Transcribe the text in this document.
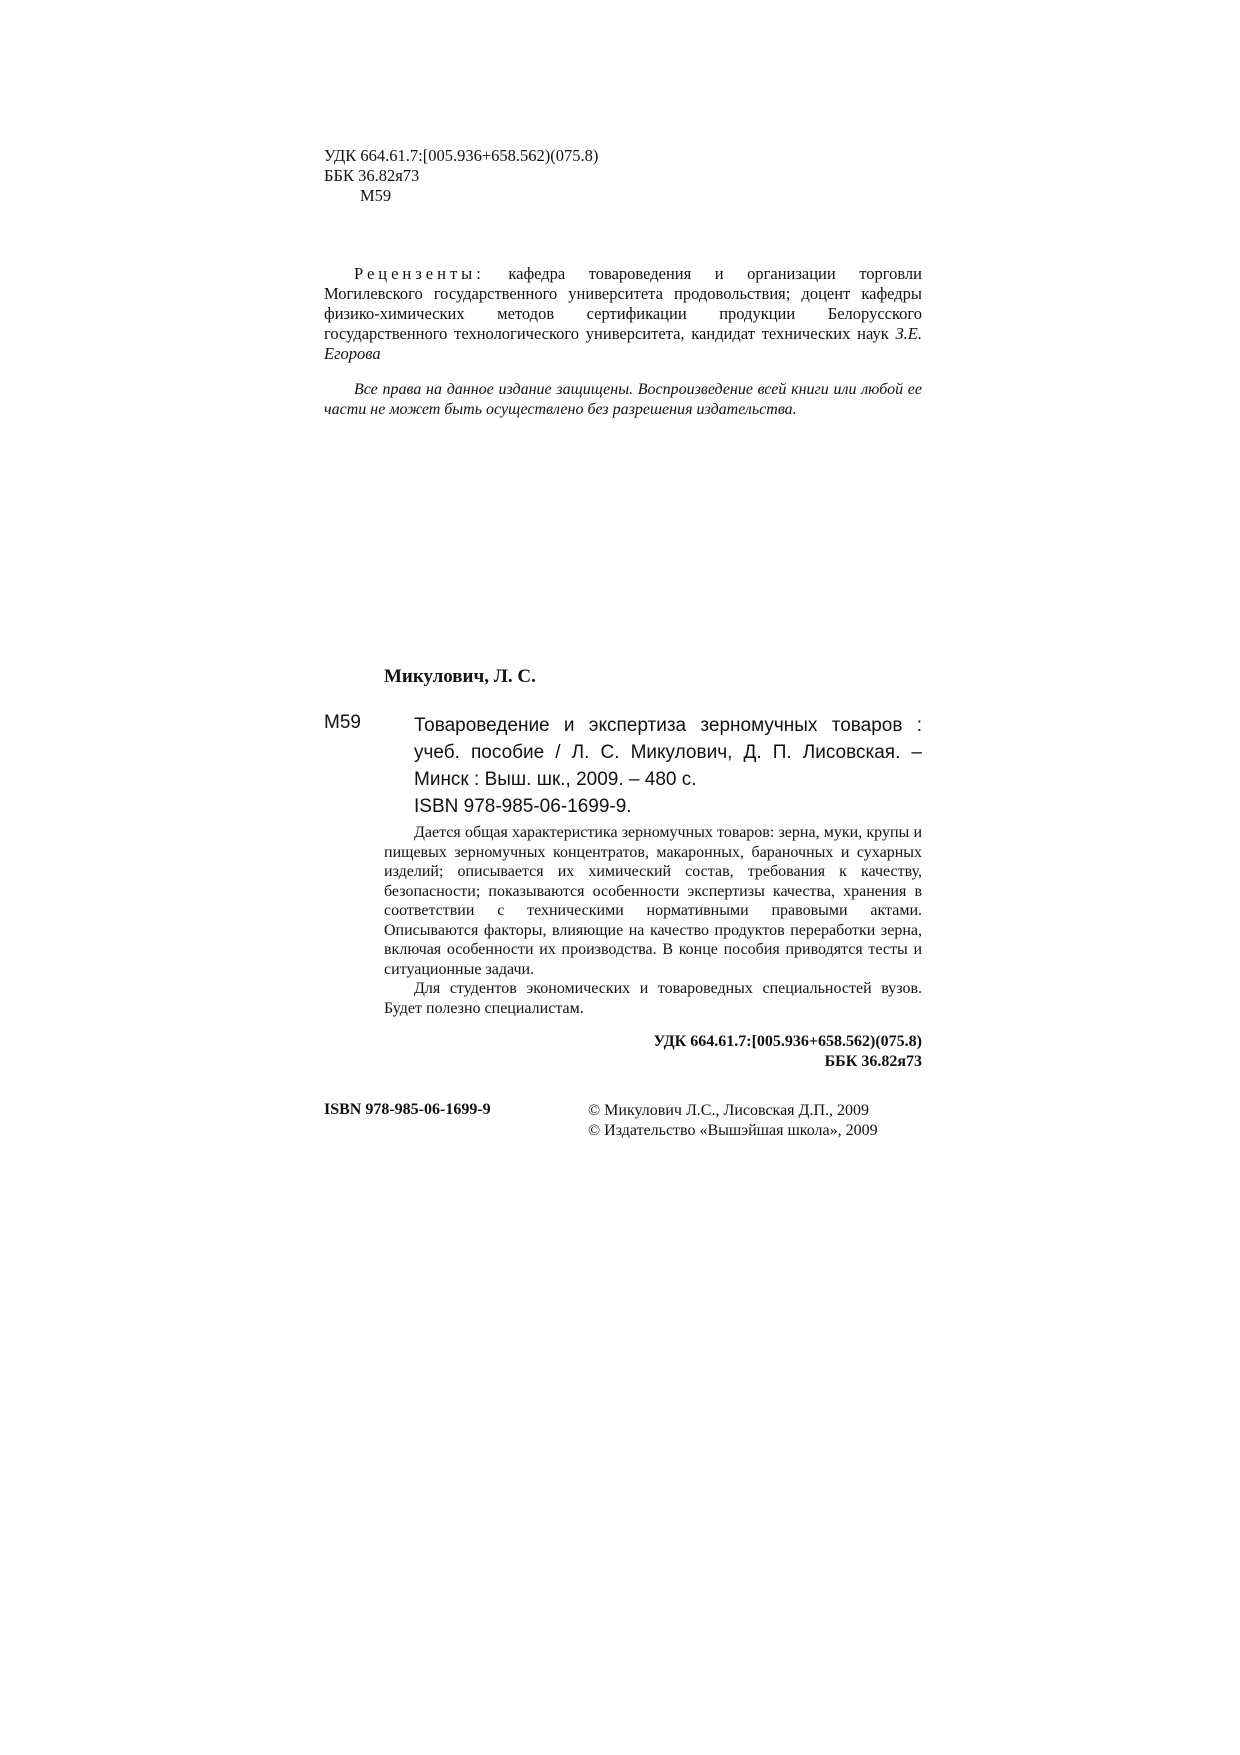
УДК 664.61.7:[005.936+658.562)(075.8)
ББК 36.82я73
М59
Рецензенты: кафедра товароведения и организации торговли Могилевского государственного университета продовольствия; доцент кафедры физико-химических методов сертификации продукции Белорусского государственного технологического университета, кандидат технических наук З.Е. Егорова
Все права на данное издание защищены. Воспроизведение всей книги или любой ее части не может быть осуществлено без разрешения издательства.
Микулович, Л. С.
М59	Товароведение и экспертиза зерномучных товаров : учеб. пособие / Л. С. Микулович, Д. П. Лисовская. – Минск : Выш. шк., 2009. – 480 с.
ISBN 978-985-06-1699-9.

Дается общая характеристика зерномучных товаров: зерна, муки, крупы и пищевых зерномучных концентратов, макаронных, бараночных и сухарных изделий; описывается их химический состав, требования к качеству, безопасности; показываются особенности экспертизы качества, хранения в соответствии с техническими нормативными правовыми актами. Описываются факторы, влияющие на качество продуктов переработки зерна, включая особенности их производства. В конце пособия приводятся тесты и ситуационные задачи.

Для студентов экономических и товароведных специальностей вузов. Будет полезно специалистам.

УДК 664.61.7:[005.936+658.562)(075.8)
ББК 36.82я73
ISBN 978-985-06-1699-9	© Микулович Л.С., Лисовская Д.П., 2009
© Издательство «Вышэйшая школа», 2009
